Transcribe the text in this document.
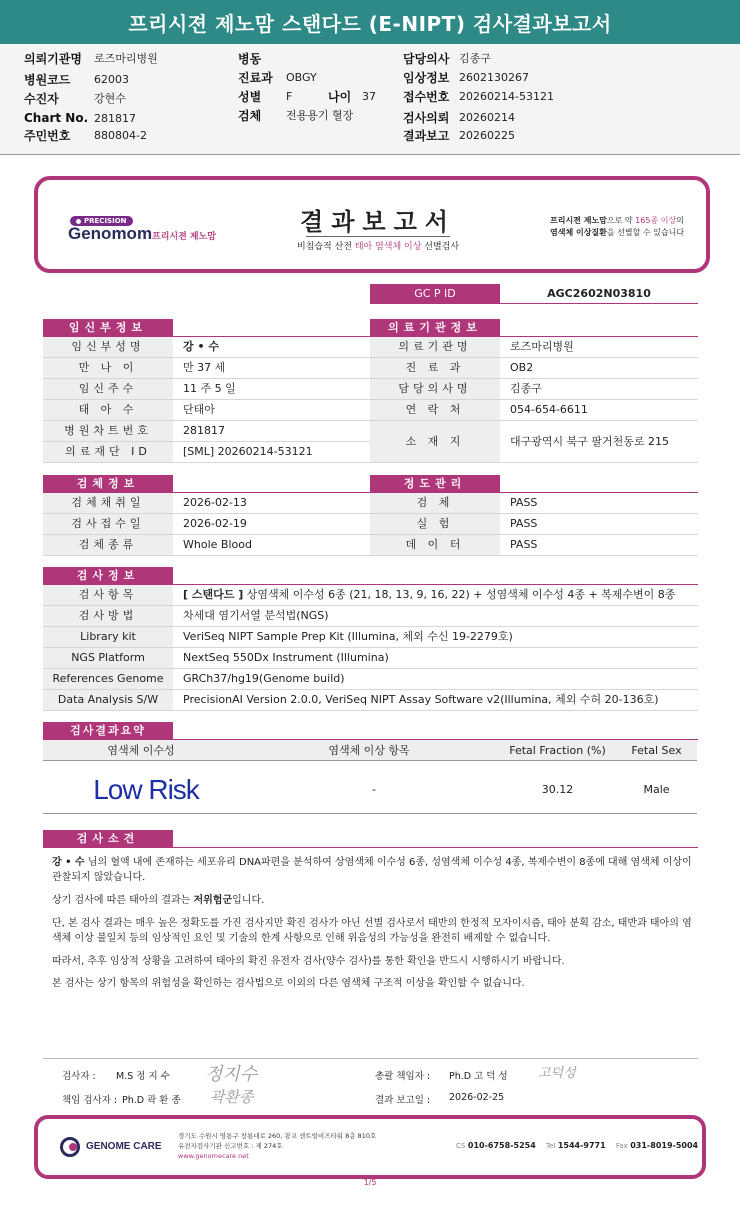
프리시젼 제노맘 스탠다드 (E-NIPT) 검사결과보고서
의뢰기관명	로즈마리병원
병원코드	62003
수진자	강현수
Chart No. 281817
주민번호	880804-2
병동
진료과	OBGY
성별	F	나이 37
검체	전용용기 혈장
담당의사 김종구
임상정보 2602130267
접수번호 20260214-53121
검사의뢰 20260214
결과보고 20260225
PRECISION
Genomom 프리시젼 제노맘
결과보고서
비침습적 산전 태아 염색체 이상 선별검사
프리시젼 제노맘으로 약 165종 이상의
염색체 이상질환을 선별할 수 있습니다
GC P ID	AGC2602N03810
임신부정보
임신부성명	강 • 수
만 나 이	만 37 세
임신주수	11 주 5 일
태 아 수	단태아
병원차트번호	281817
의료재단 ID	[SML] 20260214-53121
의료기관정보
의료기관명	로즈마리병원
진 료 과	OB2
담당의사명	김종구
연 락 처	054-654-6611
소 재 지	대구광역시 북구 팔거천동로 215
검체정보
검체채취일	2026-02-13
검사접수일	2026-02-19
검체종류	Whole Blood
정도관리
검 체	PASS
실 험	PASS
데 이 터	PASS
검사정보
검사항목	[ 스탠다드 ] 상염색체 이수성 6종 (21, 18, 13, 9, 16, 22) + 성염색체 이수성 4종 + 복제수변이 8종
검사방법	차세대 염기서열 분석법(NGS)
Library kit	VeriSeq NIPT Sample Prep Kit (Illumina, 체외 수신 19-2279호)
NGS Platform	NextSeq 550Dx Instrument (Illumina)
References Genome	GRCh37/hg19(Genome build)
Data Analysis S/W	PrecisionAI Version 2.0.0, VeriSeq NIPT Assay Software v2(Illumina, 체외 수허 20-136호)
검사결과요약
염색체 이수성	염색체 이상 항목	Fetal Fraction (%)	Fetal Sex
Low Risk	-	30.12	Male
검사소견
강 • 수 님의 혈액 내에 존재하는 세포유리 DNA파편을 분석하여 상염색체 이수성 6종, 성염색체 이수성 4종, 복제수변이 8종에 대해 염색체 이상이 관찰되지 않았습니다.
상기 검사에 따른 태아의 결과는 저위험군입니다.
단, 본 검사 결과는 매우 높은 정확도를 가진 검사지만 확진 검사가 아닌 선별 검사로서 태반의 한정적 모자이시즘, 태아 분획 감소, 태반과 태아의 염색체 이상 불일치 등의 임상적인 요인 및 기술의 한계 사항으로 인해 위음성의 가능성을 완전히 배제할 수 없습니다.
따라서, 추후 임상적 상황을 고려하여 태아의 확진 유전자 검사(양수 검사)를 통한 확인을 반드시 시행하시기 바랍니다.
본 검사는 상기 항목의 위험성을 확인하는 검사법으로 이외의 다른 염색체 구조적 이상을 확인할 수 없습니다.
검사자 : M.S 정 지 수 정지수
책임 검사자 : Ph.D 곽 환 종 곽환종
총괄 책임자 : Ph.D 고 덕 성 고덕성
결과 보고일 : 2026-02-25
GENOME CARE
경기도 수원시 영통구 창룡대로 260, 광교 센트럴비즈타워 8층 810호
유전자검사기관 신고번호 : 제 274호
www.genomecare.net
CS 010-6758-5254 Tel 1544-9771 Fax 031-8019-5004
1/5
